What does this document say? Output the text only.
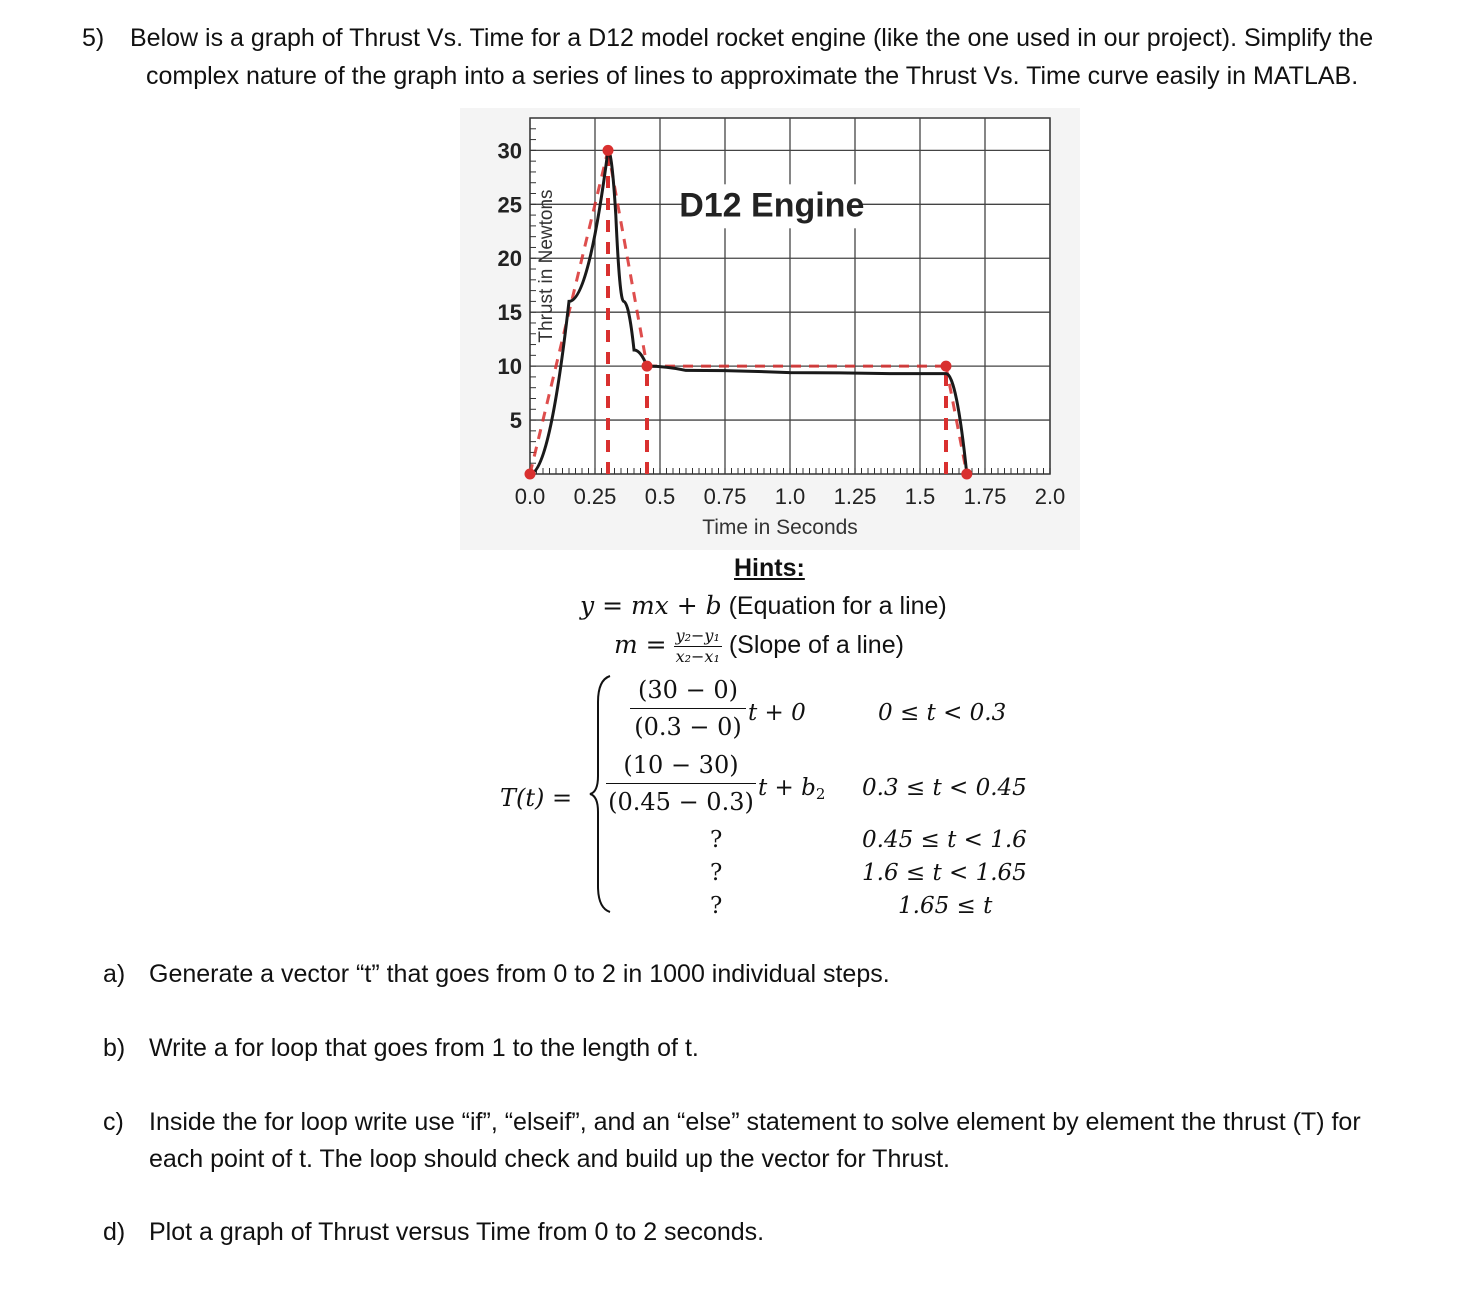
5) Below is a graph of Thrust Vs. Time for a D12 model rocket engine (like the one used in our project). Simplify the
complex nature of the graph into a series of lines to approximate the Thrust Vs. Time curve easily in MATLAB.
0.0 0.25 0.5 0.75 1.0 1.25 1.5 1.75 2.0
5
10
15
20
25
30
Time in Seconds
Thrust in Newtons	D12 Engine
Hints:
y = mx + b (Equation for a line)
$m = \frac{\text{y₂−y₁}}{\text{x₂−x₁}}$ (Slope of a line)
T(t) =
$\frac{(30 - 0)}{(0.3 - 0)}$ t + 0	0 ≤ t < 0.3
$\frac{(10 - 30)}{(0.45 - 0.3)}$ $t + b_2$ 0.3 ≤ t < 0.45
?	0.45 ≤ t < 1.6
?	1.6 ≤ t < 1.65
?	1.65 ≤ t
a) Generate a vector “t” that goes from 0 to 2 in 1000 individual steps.
b) Write a for loop that goes from 1 to the length of t.
c) Inside the for loop write use “if”, “elseif”, and an “else” statement to solve element by element the thrust (T) for
each point of t. The loop should check and build up the vector for Thrust.
d) Plot a graph of Thrust versus Time from 0 to 2 seconds.
